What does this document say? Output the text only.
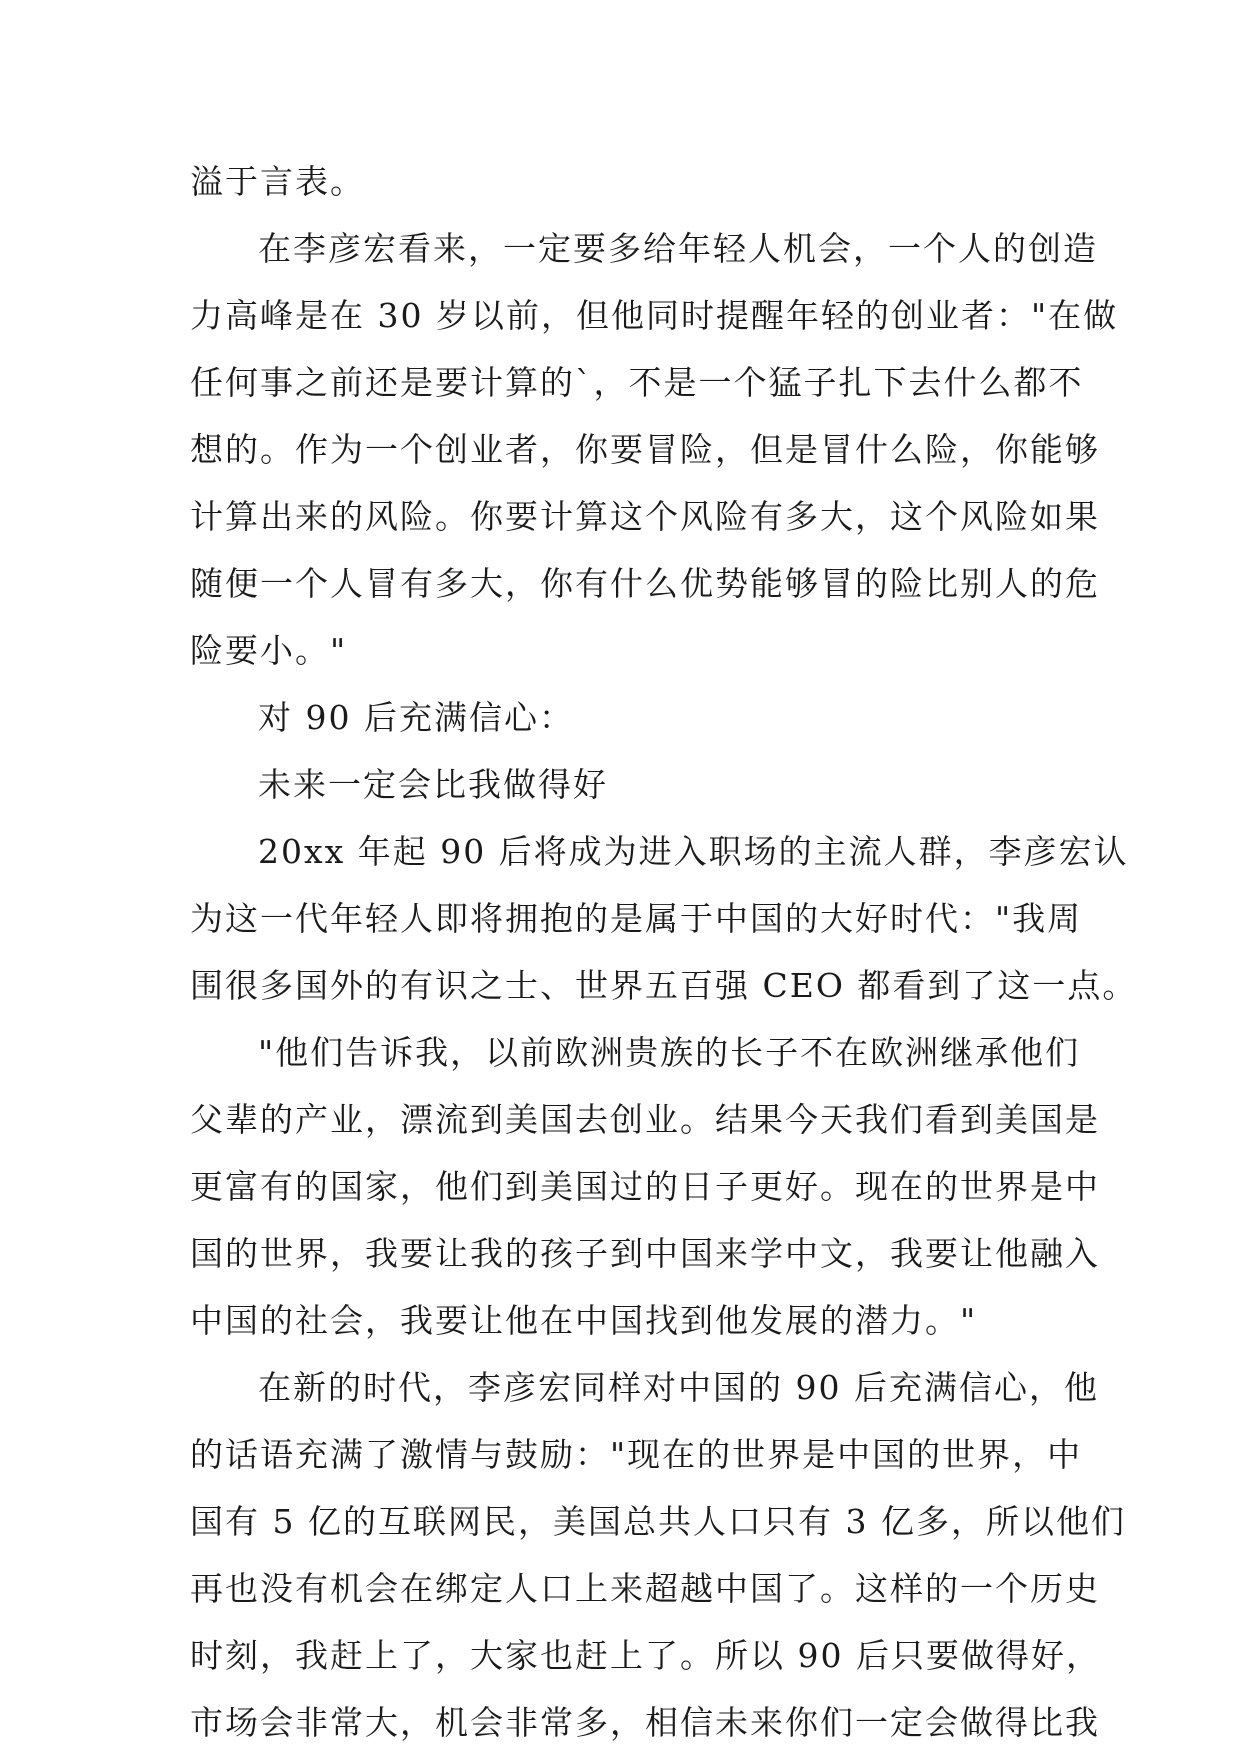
溢于言表。
在李彦宏看来，一定要多给年轻人机会，一个人的创造
力高峰是在 30 岁以前，但他同时提醒年轻的创业者："在做
任何事之前还是要计算的`，不是一个猛子扎下去什么都不
想的。作为一个创业者，你要冒险，但是冒什么险，你能够
计算出来的风险。你要计算这个风险有多大，这个风险如果
随便一个人冒有多大，你有什么优势能够冒的险比别人的危
险要小。"
对 90 后充满信心：
未来一定会比我做得好
20xx 年起 90 后将成为进入职场的主流人群，李彦宏认
为这一代年轻人即将拥抱的是属于中国的大好时代："我周
围很多国外的有识之士、世界五百强 CEO 都看到了这一点。
"他们告诉我，以前欧洲贵族的长子不在欧洲继承他们
父辈的产业，漂流到美国去创业。结果今天我们看到美国是
更富有的国家，他们到美国过的日子更好。现在的世界是中
国的世界，我要让我的孩子到中国来学中文，我要让他融入
中国的社会，我要让他在中国找到他发展的潜力。"
在新的时代，李彦宏同样对中国的 90 后充满信心，他
的话语充满了激情与鼓励："现在的世界是中国的世界，中
国有 5 亿的互联网民，美国总共人口只有 3 亿多，所以他们
再也没有机会在绑定人口上来超越中国了。这样的一个历史
时刻，我赶上了，大家也赶上了。所以 90 后只要做得好，
市场会非常大，机会非常多，相信未来你们一定会做得比我
